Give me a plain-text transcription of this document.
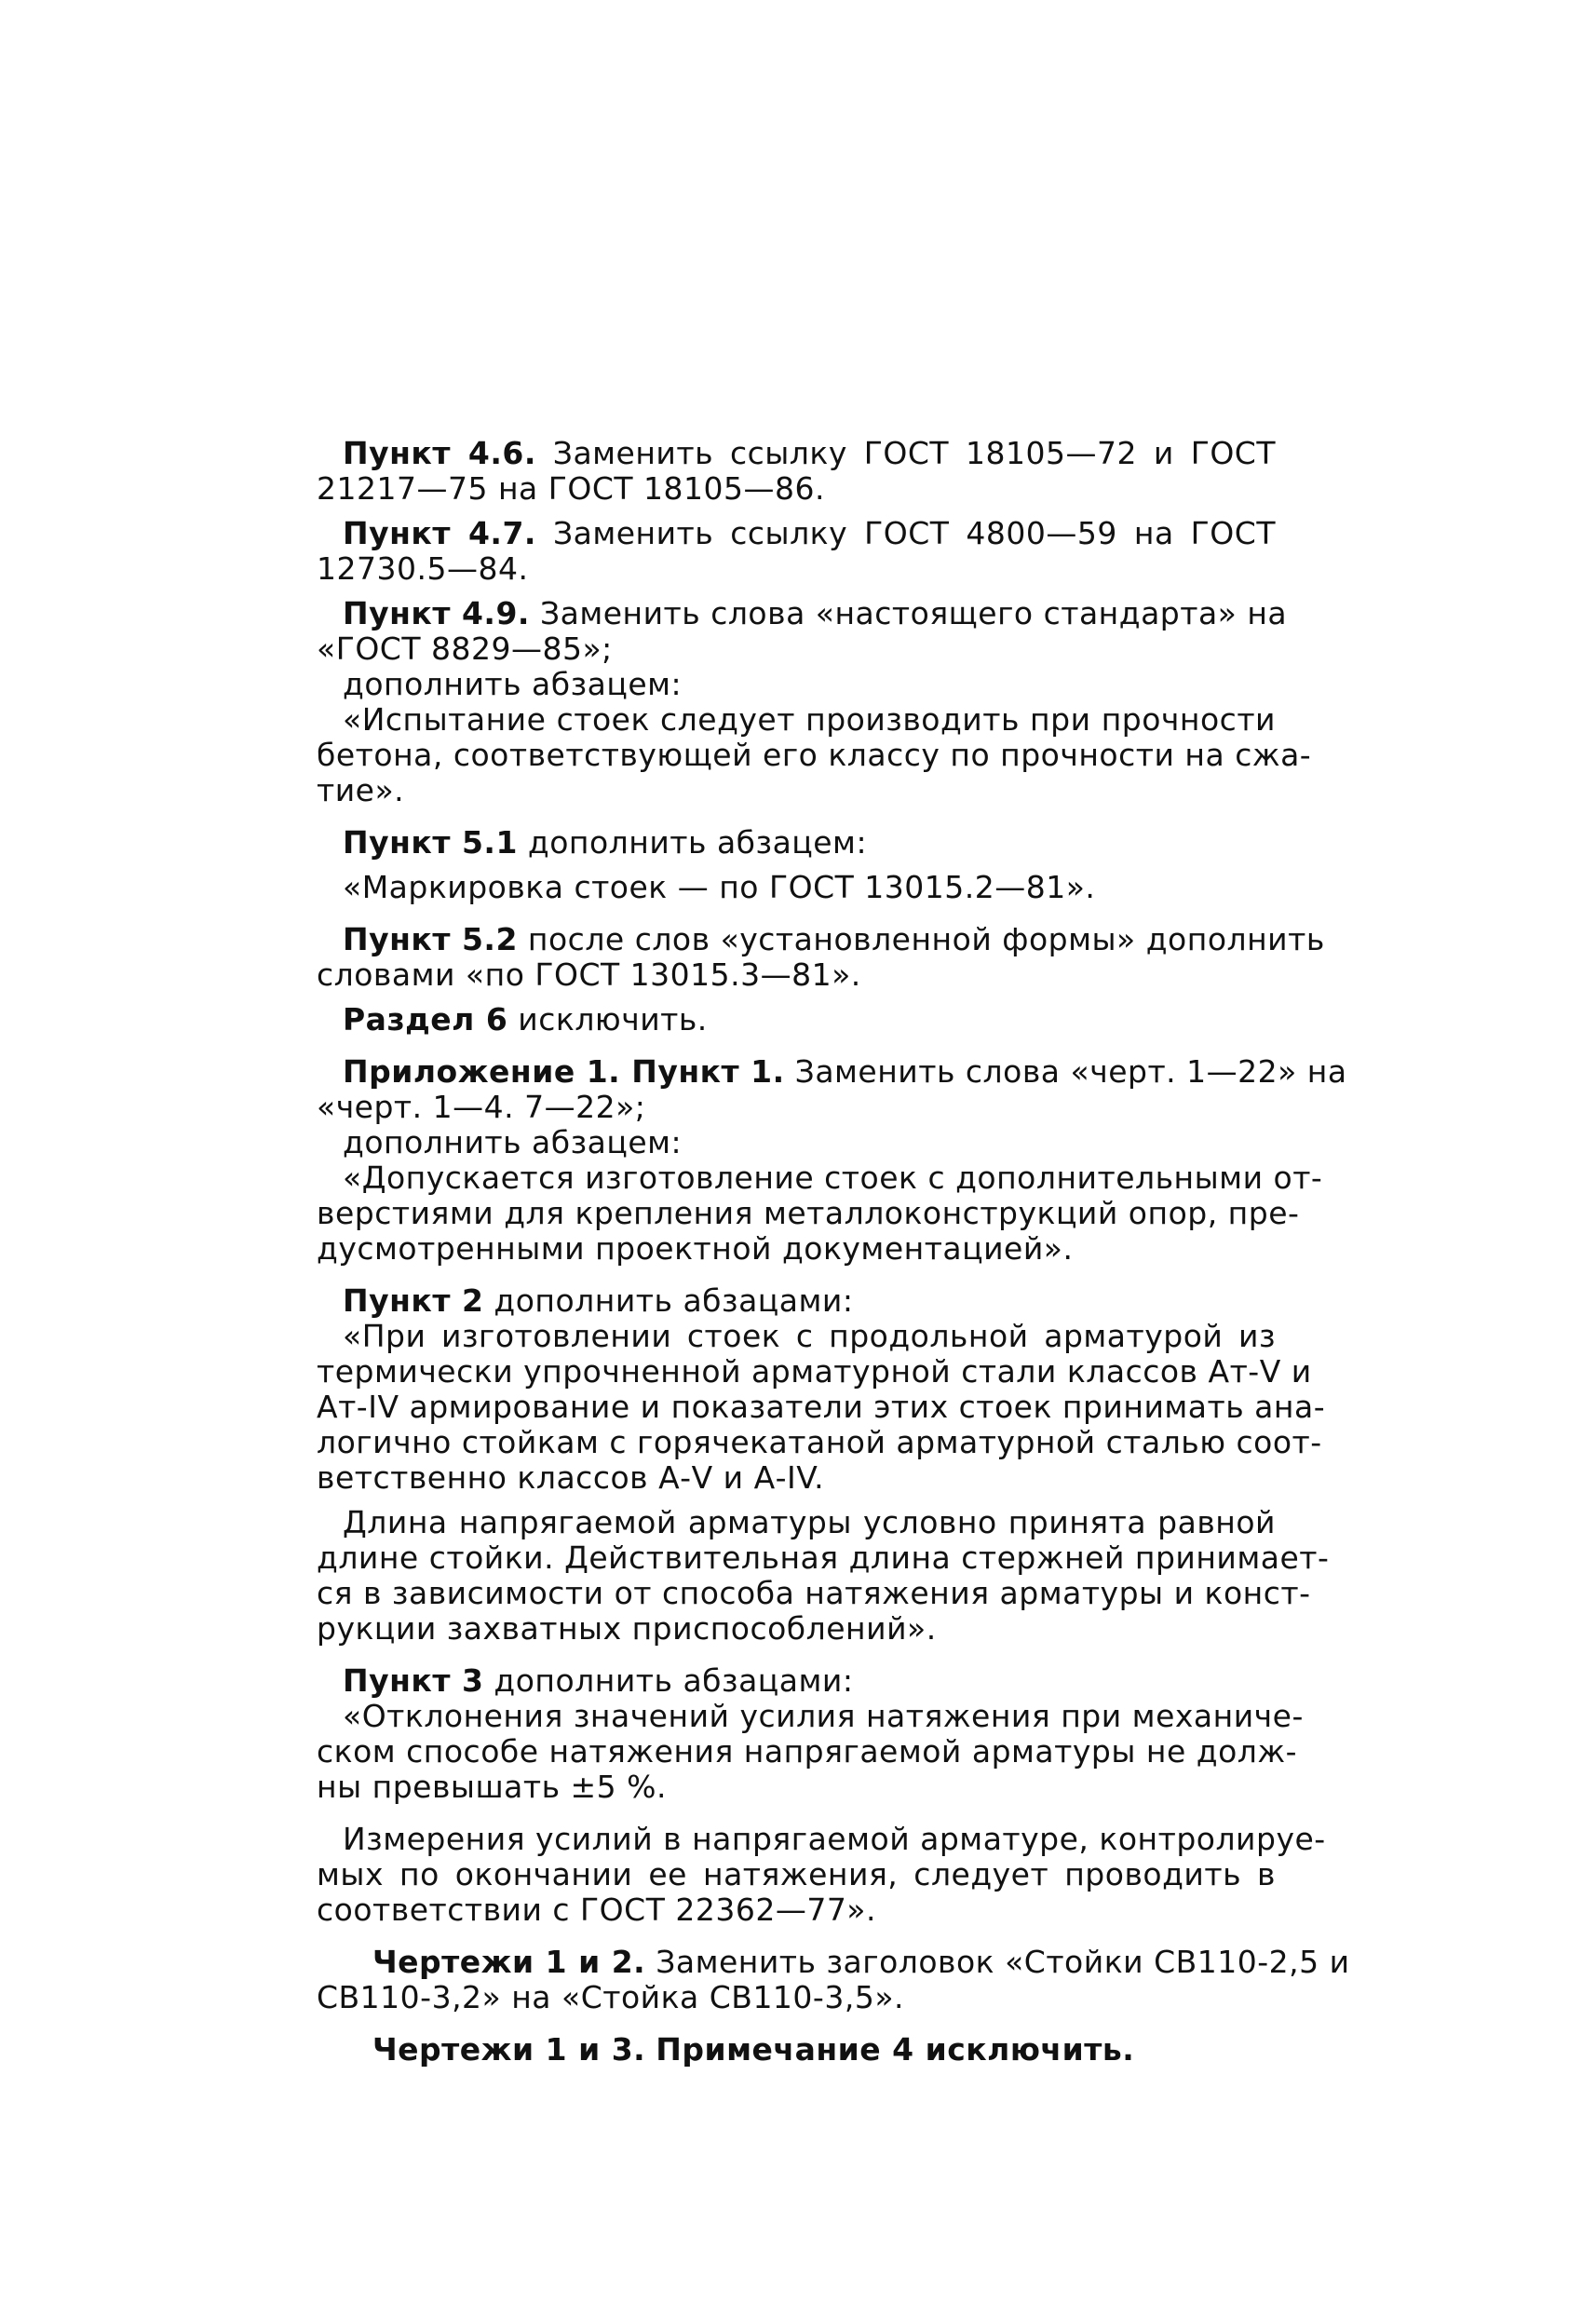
Пункт 4.6. Заменить ссылку ГОСТ 18105—72 и ГОСТ
21217—75 на ГОСТ 18105—86.
Пункт 4.7. Заменить ссылку ГОСТ 4800—59 на ГОСТ
12730.5—84.
Пункт 4.9. Заменить слова «настоящего стандарта» на
«ГОСТ 8829—85»;
дополнить абзацем:
«Испытание стоек следует производить при прочности
бетона, соответствующей его классу по прочности на сжа-
тие».
Пункт 5.1 дополнить абзацем:
«Маркировка стоек — по ГОСТ 13015.2—81».
Пункт 5.2 после слов «установленной формы» дополнить
словами «по ГОСТ 13015.3—81».
Раздел 6 исключить.
Приложение 1. Пункт 1. Заменить слова «черт. 1—22» на
«черт. 1—4. 7—22»;
дополнить абзацем:
«Допускается изготовление стоек с дополнительными от-
верстиями для крепления металлоконструкций опор, пре-
дусмотренными проектной документацией».
Пункт 2 дополнить абзацами:
«При изготовлении стоек с продольной арматурой из
термически упрочненной арматурной стали классов Ат-V и
Ат-IV армирование и показатели этих стоек принимать ана-
логично стойкам с горячекатаной арматурной сталью соот-
ветственно классов А-V и А-IV.
Длина напрягаемой арматуры условно принята равной
длине стойки. Действительная длина стержней принимает-
ся в зависимости от способа натяжения арматуры и конст-
рукции захватных приспособлений».
Пункт 3 дополнить абзацами:
«Отклонения значений усилия натяжения при механиче-
ском способе натяжения напрягаемой арматуры не долж-
ны превышать ±5 %.
Измерения усилий в напрягаемой арматуре, контролируе-
мых по окончании ее натяжения, следует проводить в
соответствии с ГОСТ 22362—77».
Чертежи 1 и 2. Заменить заголовок «Стойки СВ110-2,5 и
СВ110-3,2» на «Стойка СВ110-3,5».
Чертежи 1 и 3. Примечание 4 исключить.
